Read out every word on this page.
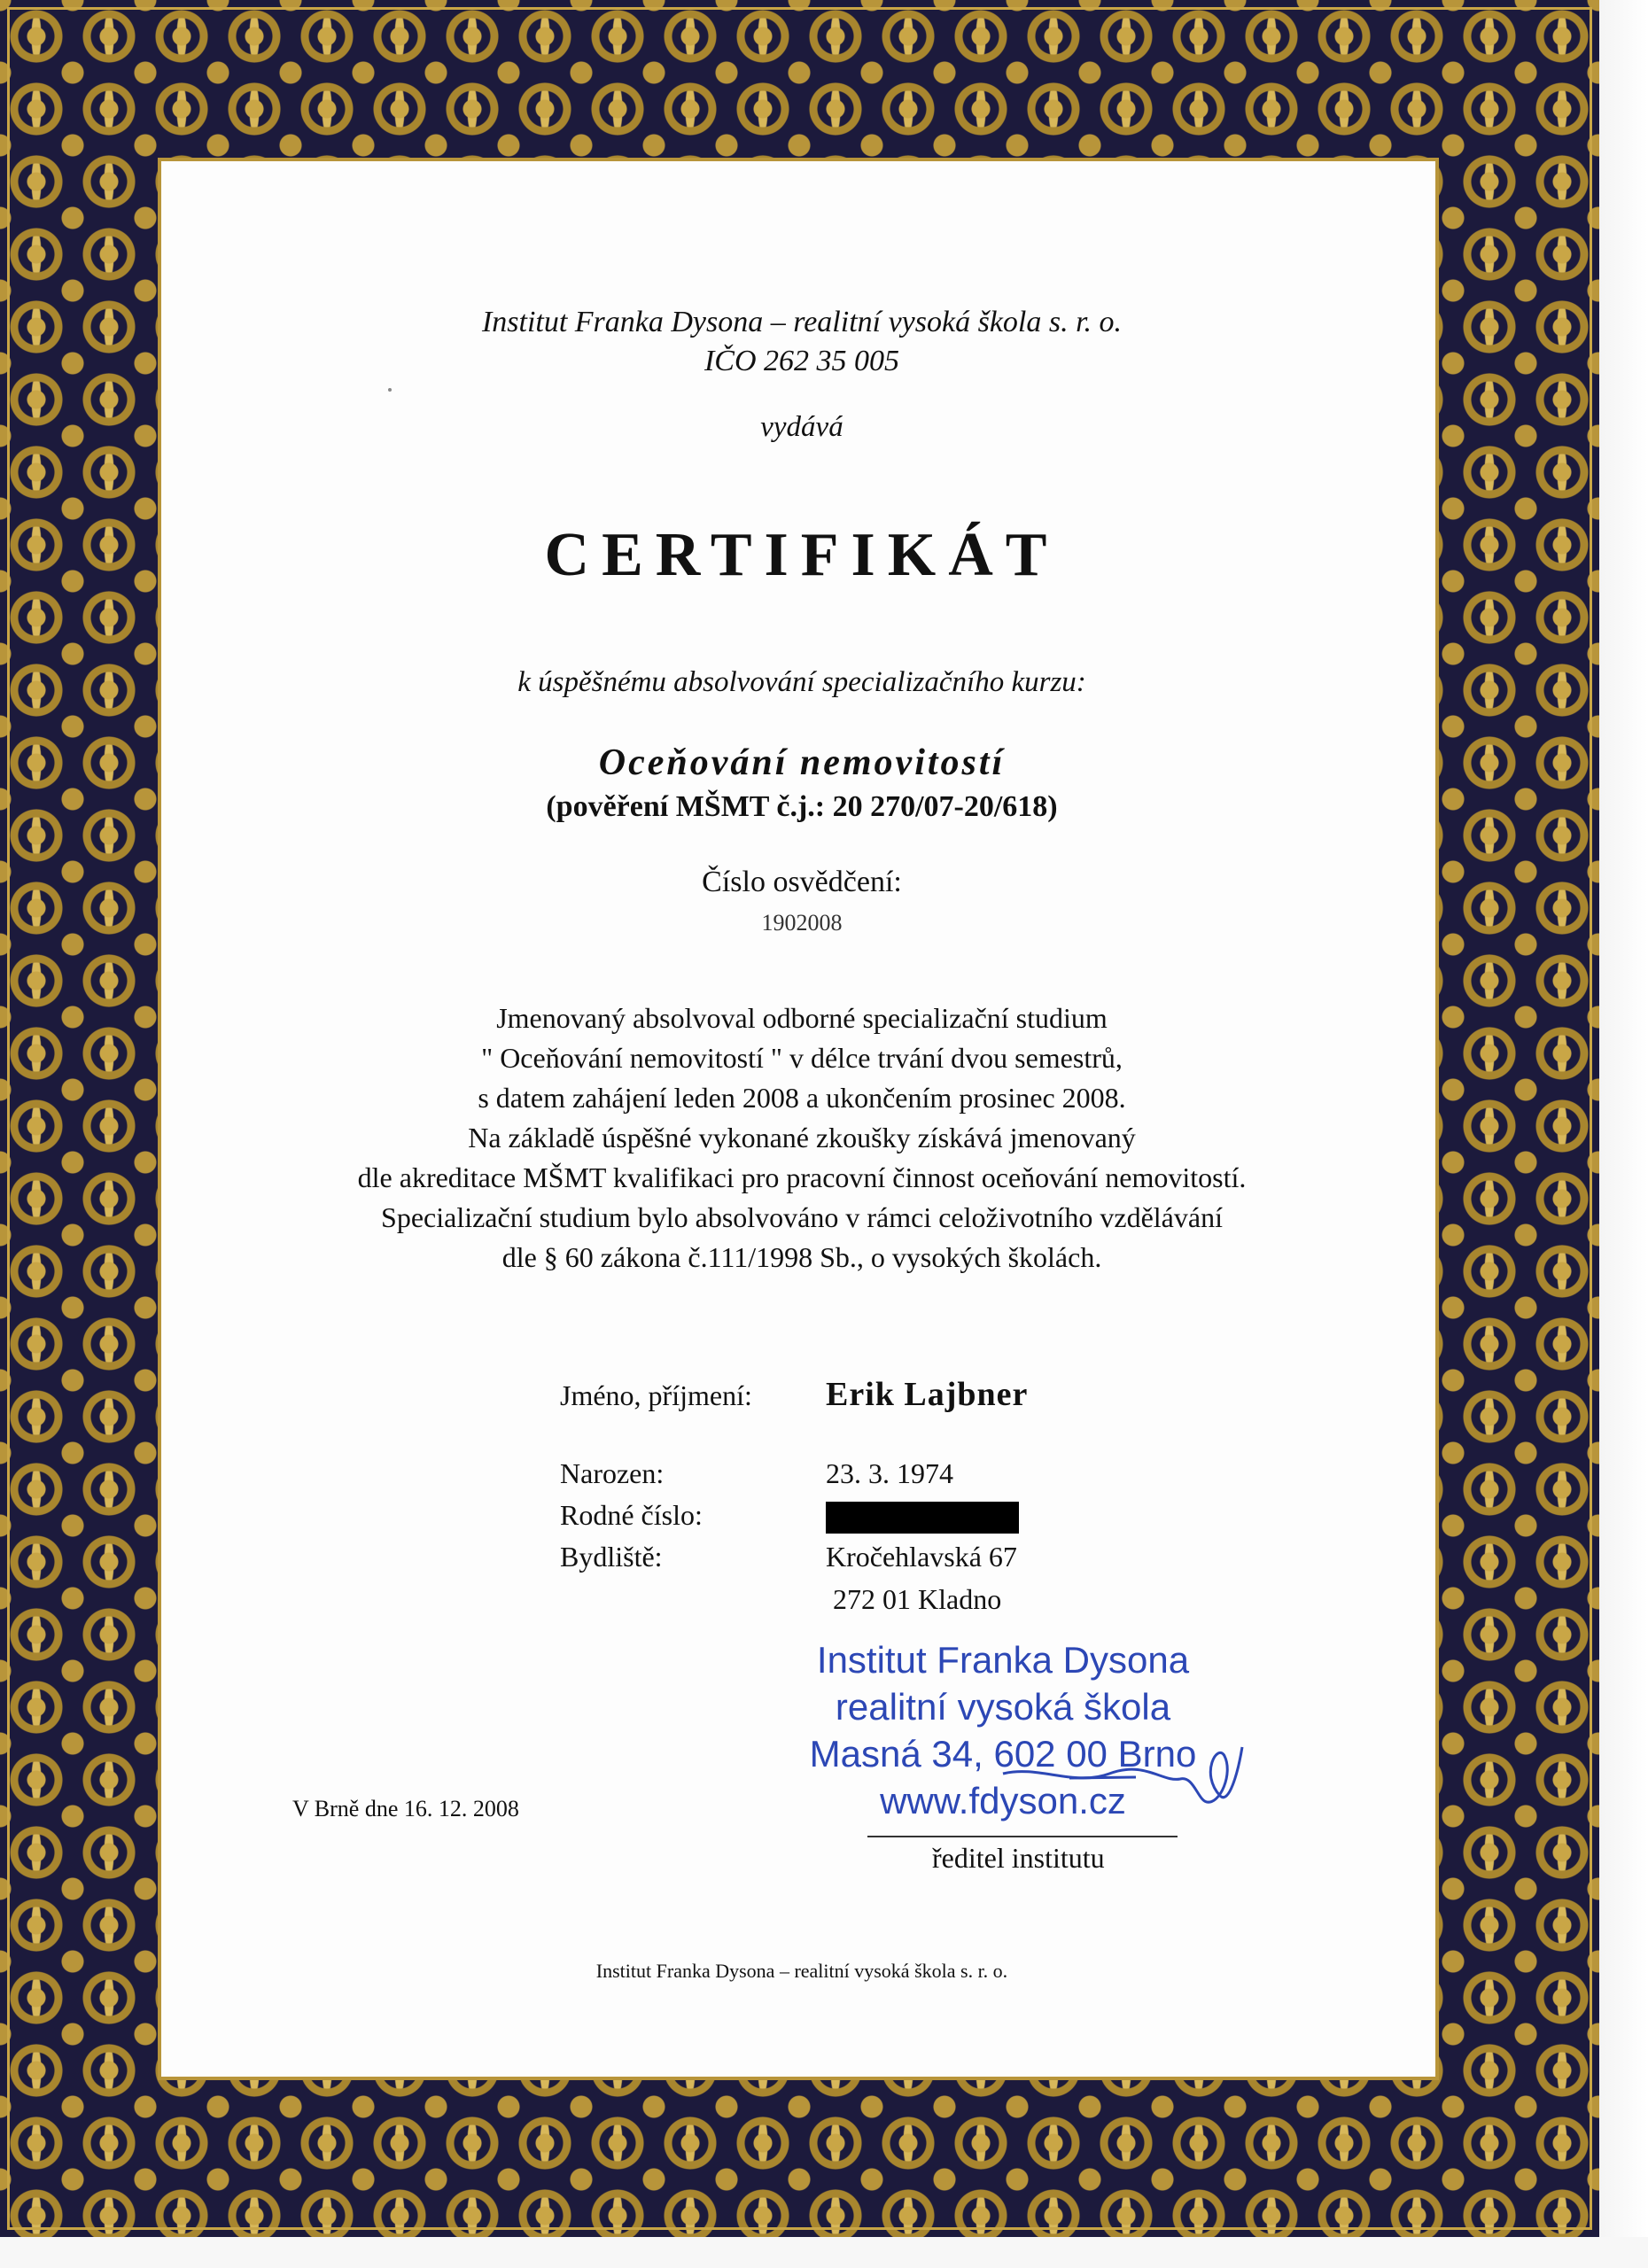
Institut Franka Dysona – realitní vysoká škola s. r. o.

IČO 262 35 005

vydává

CERTIFIKÁT

k úspěšnému absolvování specializačního kurzu:

Oceňování nemovitostí

(pověření MŠMT č.j.: 20 270/07-20/618)

Číslo osvědčení:

1902008

Jmenovaný absolvoval odborné specializační studium

" Oceňování nemovitostí " v délce trvání dvou semestrů,

s datem zahájení leden 2008 a ukončením prosinec 2008.

Na základě úspěšné vykonané zkoušky získává jmenovaný

dle akreditace MŠMT kvalifikaci pro pracovní činnost oceňování nemovitostí.

Specializační studium bylo absolvováno v rámci celoživotního vzdělávání

dle § 60 zákona č.111/1998 Sb., o vysokých školách.

Jméno, příjmení: Erik Lajbner

Narozen:	23. 3. 1974

Rodné číslo:

Bydliště:	Kročehlavská 67

272 01 Kladno

Institut Franka Dysona

realitní vysoká škola

Masná 34, 602 00 Brno

www.fdyson.cz

V Brně dne 16. 12. 2008

ředitel institutu

Institut Franka Dysona – realitní vysoká škola s. r. o.
